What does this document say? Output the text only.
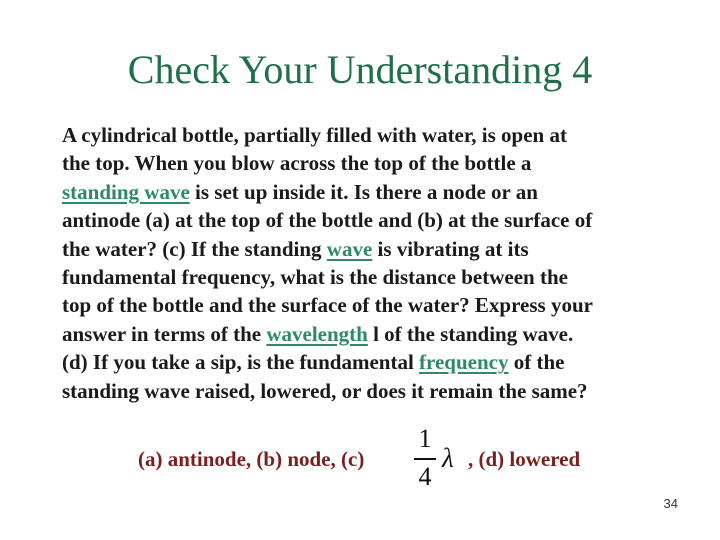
Check Your Understanding 4
A cylindrical bottle, partially filled with water, is open at
the top. When you blow across the top of the bottle a
standing wave is set up inside it. Is there a node or an
antinode (a) at the top of the bottle and (b) at the surface of
the water? (c) If the standing wave is vibrating at its
fundamental frequency, what is the distance between the
top of the bottle and the surface of the water? Express your
answer in terms of the wavelength l of the standing wave.
(d) If you take a sip, is the fundamental frequency of the
standing wave raised, lowered, or does it remain the same?
(a) antinode, (b) node, (c)
1
4
λ , (d) lowered
34
